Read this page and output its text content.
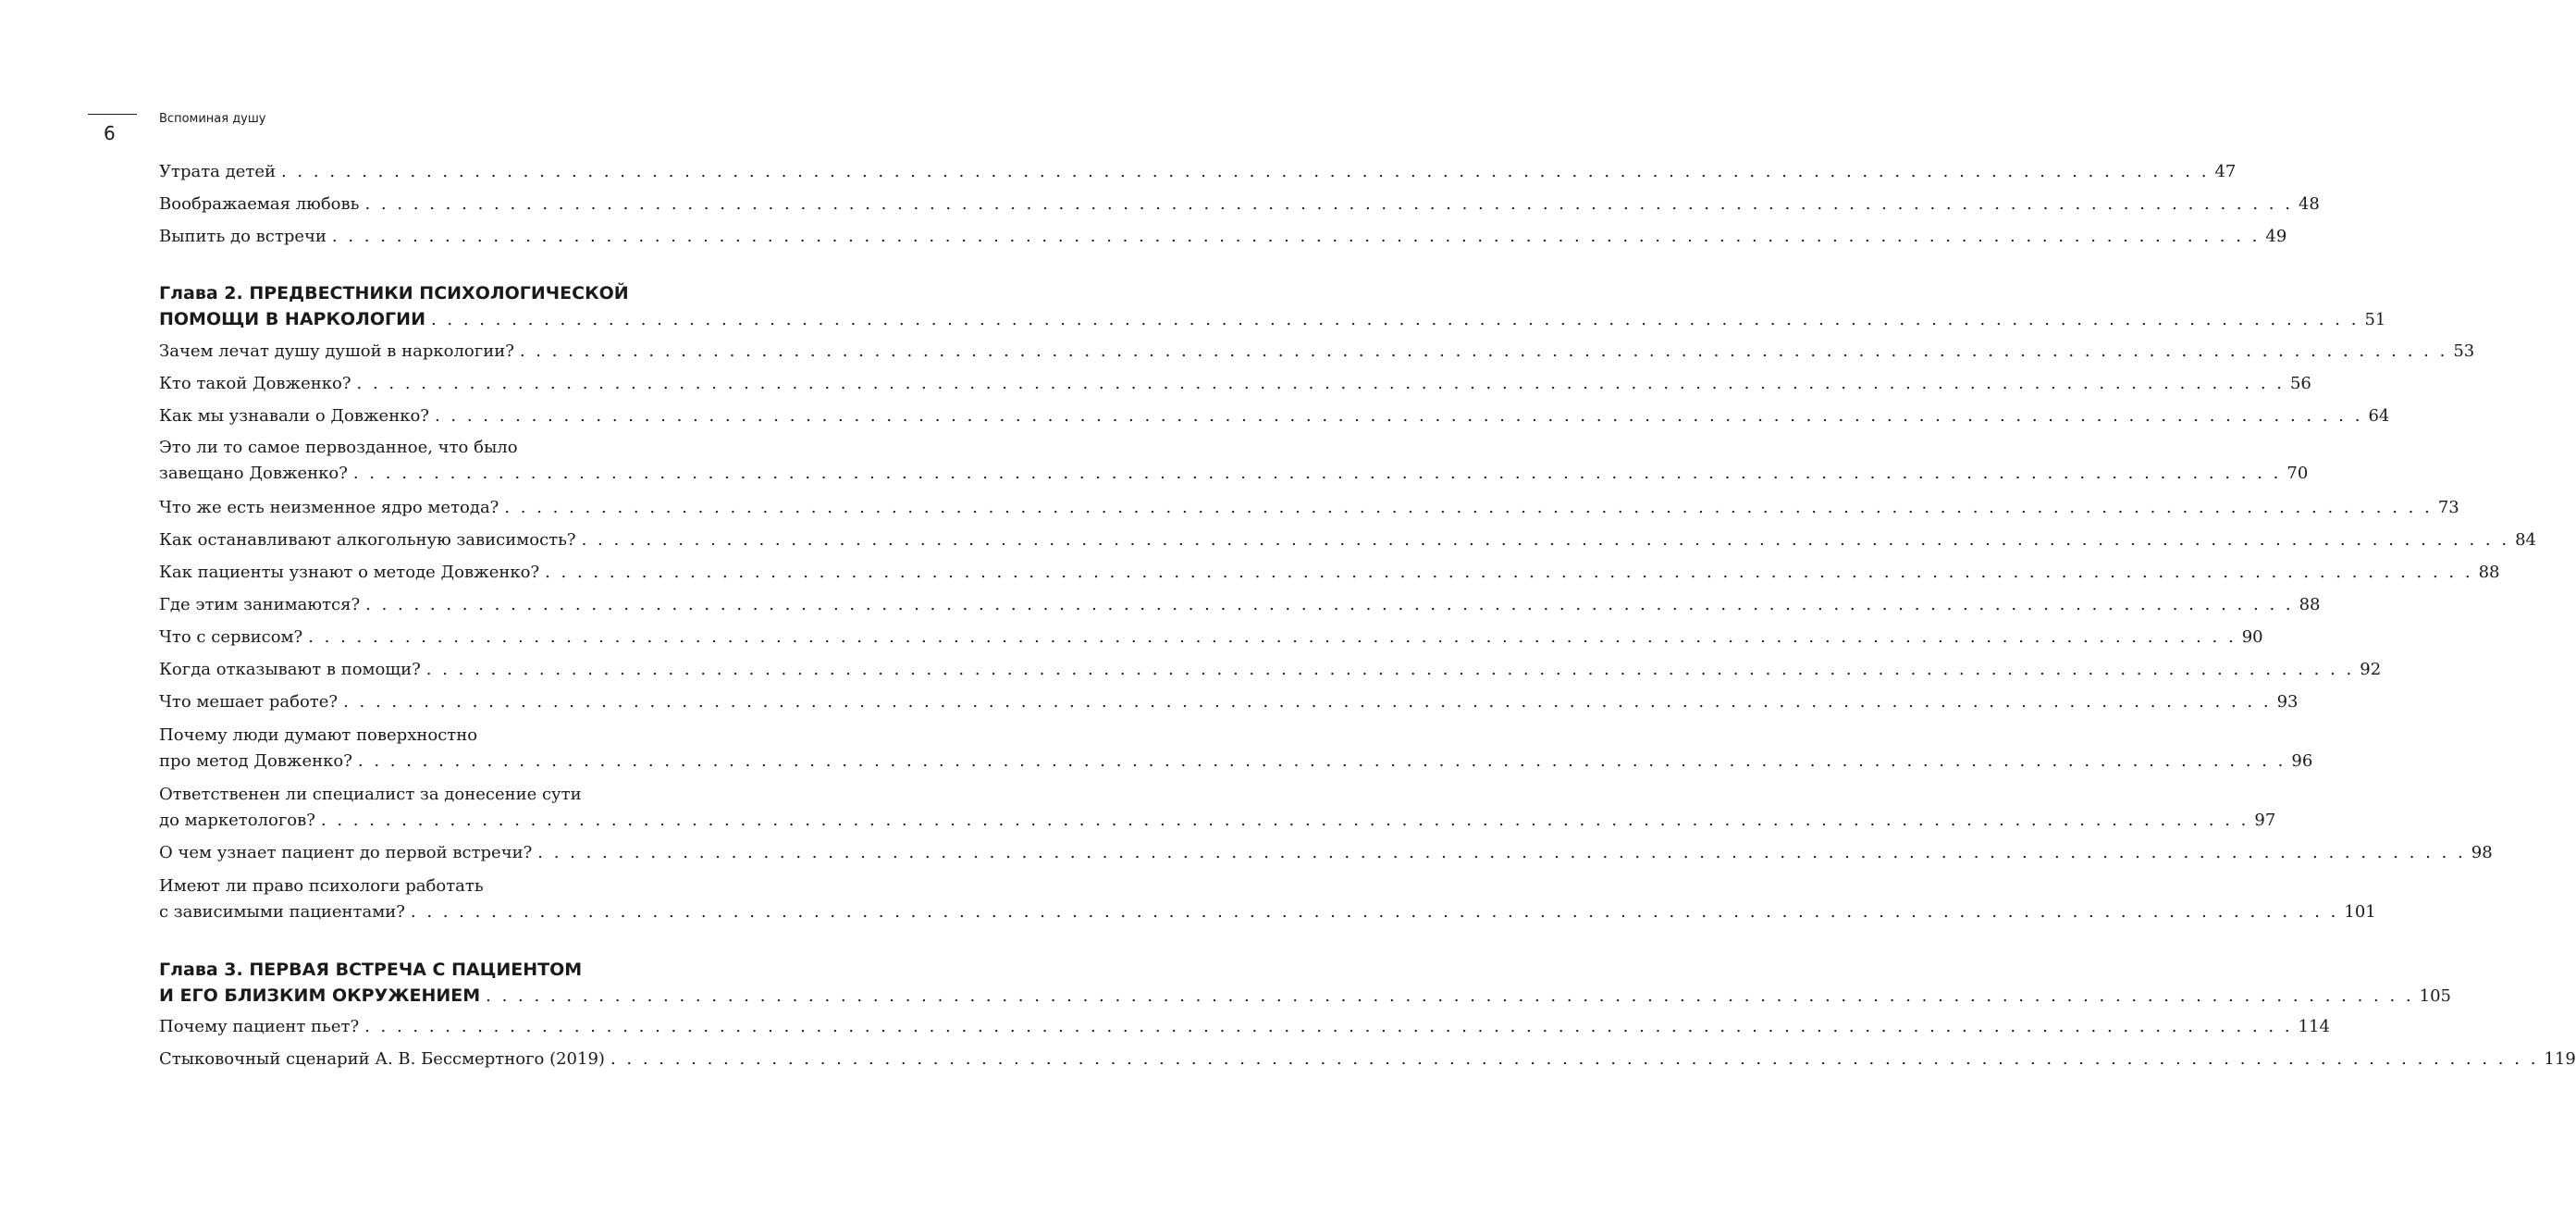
6
Вспоминая душу
Утрата детей . . . . . . . . . . . . . . . . . . . . . . . . . . . . . . . . . . . . . . . . . . . . . . . . . . . . . . . . . . . . . . . . . . . . . . . . . . . . . . . . . . . . . . . . . . . . . . . . . . . . . . . . . . . . . . . . . . . . . . . . 47
Воображаемая любовь . . . . . . . . . . . . . . . . . . . . . . . . . . . . . . . . . . . . . . . . . . . . . . . . . . . . . . . . . . . . . . . . . . . . . . . . . . . . . . . . . . . . . . . . . . . . . . . . . . . . . . . . . . . . . . . . . . . . . . . . 48
Выпить до встречи . . . . . . . . . . . . . . . . . . . . . . . . . . . . . . . . . . . . . . . . . . . . . . . . . . . . . . . . . . . . . . . . . . . . . . . . . . . . . . . . . . . . . . . . . . . . . . . . . . . . . . . . . . . . . . . . . . . . . . . . 49
Глава 2. ПРЕДВЕСТНИКИ ПСИХОЛОГИЧЕСКОЙ
ПОМОЩИ В НАРКОЛОГИИ . . . . . . . . . . . . . . . . . . . . . . . . . . . . . . . . . . . . . . . . . . . . . . . . . . . . . . . . . . . . . . . . . . . . . . . . . . . . . . . . . . . . . . . . . . . . . . . . . . . . . . . . . . . . . . . . . . . . . . . . 51
Зачем лечат душу душой в наркологии? . . . . . . . . . . . . . . . . . . . . . . . . . . . . . . . . . . . . . . . . . . . . . . . . . . . . . . . . . . . . . . . . . . . . . . . . . . . . . . . . . . . . . . . . . . . . . . . . . . . . . . . . . . . . . . . . . . . . . . . . 53
Кто такой Довженко? . . . . . . . . . . . . . . . . . . . . . . . . . . . . . . . . . . . . . . . . . . . . . . . . . . . . . . . . . . . . . . . . . . . . . . . . . . . . . . . . . . . . . . . . . . . . . . . . . . . . . . . . . . . . . . . . . . . . . . . . 56
Как мы узнавали о Довженко? . . . . . . . . . . . . . . . . . . . . . . . . . . . . . . . . . . . . . . . . . . . . . . . . . . . . . . . . . . . . . . . . . . . . . . . . . . . . . . . . . . . . . . . . . . . . . . . . . . . . . . . . . . . . . . . . . . . . . . . . 64
Это ли то самое первозданное, что было
завещано Довженко? . . . . . . . . . . . . . . . . . . . . . . . . . . . . . . . . . . . . . . . . . . . . . . . . . . . . . . . . . . . . . . . . . . . . . . . . . . . . . . . . . . . . . . . . . . . . . . . . . . . . . . . . . . . . . . . . . . . . . . . . 70
Что же есть неизменное ядро метода? . . . . . . . . . . . . . . . . . . . . . . . . . . . . . . . . . . . . . . . . . . . . . . . . . . . . . . . . . . . . . . . . . . . . . . . . . . . . . . . . . . . . . . . . . . . . . . . . . . . . . . . . . . . . . . . . . . . . . . . . 73
Как останавливают алкогольную зависимость? . . . . . . . . . . . . . . . . . . . . . . . . . . . . . . . . . . . . . . . . . . . . . . . . . . . . . . . . . . . . . . . . . . . . . . . . . . . . . . . . . . . . . . . . . . . . . . . . . . . . . . . . . . . . . . . . . . . . . . . . 84
Как пациенты узнают о методе Довженко? . . . . . . . . . . . . . . . . . . . . . . . . . . . . . . . . . . . . . . . . . . . . . . . . . . . . . . . . . . . . . . . . . . . . . . . . . . . . . . . . . . . . . . . . . . . . . . . . . . . . . . . . . . . . . . . . . . . . . . . . 88
Где этим занимаются? . . . . . . . . . . . . . . . . . . . . . . . . . . . . . . . . . . . . . . . . . . . . . . . . . . . . . . . . . . . . . . . . . . . . . . . . . . . . . . . . . . . . . . . . . . . . . . . . . . . . . . . . . . . . . . . . . . . . . . . . 88
Что с сервисом? . . . . . . . . . . . . . . . . . . . . . . . . . . . . . . . . . . . . . . . . . . . . . . . . . . . . . . . . . . . . . . . . . . . . . . . . . . . . . . . . . . . . . . . . . . . . . . . . . . . . . . . . . . . . . . . . . . . . . . . . 90
Когда отказывают в помощи? . . . . . . . . . . . . . . . . . . . . . . . . . . . . . . . . . . . . . . . . . . . . . . . . . . . . . . . . . . . . . . . . . . . . . . . . . . . . . . . . . . . . . . . . . . . . . . . . . . . . . . . . . . . . . . . . . . . . . . . . 92
Что мешает работе? . . . . . . . . . . . . . . . . . . . . . . . . . . . . . . . . . . . . . . . . . . . . . . . . . . . . . . . . . . . . . . . . . . . . . . . . . . . . . . . . . . . . . . . . . . . . . . . . . . . . . . . . . . . . . . . . . . . . . . . . 93
Почему люди думают поверхностно
про метод Довженко? . . . . . . . . . . . . . . . . . . . . . . . . . . . . . . . . . . . . . . . . . . . . . . . . . . . . . . . . . . . . . . . . . . . . . . . . . . . . . . . . . . . . . . . . . . . . . . . . . . . . . . . . . . . . . . . . . . . . . . . . 96
Ответственен ли специалист за донесение сути
до маркетологов? . . . . . . . . . . . . . . . . . . . . . . . . . . . . . . . . . . . . . . . . . . . . . . . . . . . . . . . . . . . . . . . . . . . . . . . . . . . . . . . . . . . . . . . . . . . . . . . . . . . . . . . . . . . . . . . . . . . . . . . . 97
О чем узнает пациент до первой встречи? . . . . . . . . . . . . . . . . . . . . . . . . . . . . . . . . . . . . . . . . . . . . . . . . . . . . . . . . . . . . . . . . . . . . . . . . . . . . . . . . . . . . . . . . . . . . . . . . . . . . . . . . . . . . . . . . . . . . . . . . 98
Имеют ли право психологи работать
с зависимыми пациентами? . . . . . . . . . . . . . . . . . . . . . . . . . . . . . . . . . . . . . . . . . . . . . . . . . . . . . . . . . . . . . . . . . . . . . . . . . . . . . . . . . . . . . . . . . . . . . . . . . . . . . . . . . . . . . . . . . . . . . . . . 101
Глава 3. ПЕРВАЯ ВСТРЕЧА С ПАЦИЕНТОМ
И ЕГО БЛИЗКИМ ОКРУЖЕНИЕМ . . . . . . . . . . . . . . . . . . . . . . . . . . . . . . . . . . . . . . . . . . . . . . . . . . . . . . . . . . . . . . . . . . . . . . . . . . . . . . . . . . . . . . . . . . . . . . . . . . . . . . . . . . . . . . . . . . . . . . . . 105
Почему пациент пьет? . . . . . . . . . . . . . . . . . . . . . . . . . . . . . . . . . . . . . . . . . . . . . . . . . . . . . . . . . . . . . . . . . . . . . . . . . . . . . . . . . . . . . . . . . . . . . . . . . . . . . . . . . . . . . . . . . . . . . . . . 114
Стыковочный сценарий А. В. Бессмертного (2019) . . . . . . . . . . . . . . . . . . . . . . . . . . . . . . . . . . . . . . . . . . . . . . . . . . . . . . . . . . . . . . . . . . . . . . . . . . . . . . . . . . . . . . . . . . . . . . . . . . . . . . . . . . . . . . . . . . . . . . . . 119
